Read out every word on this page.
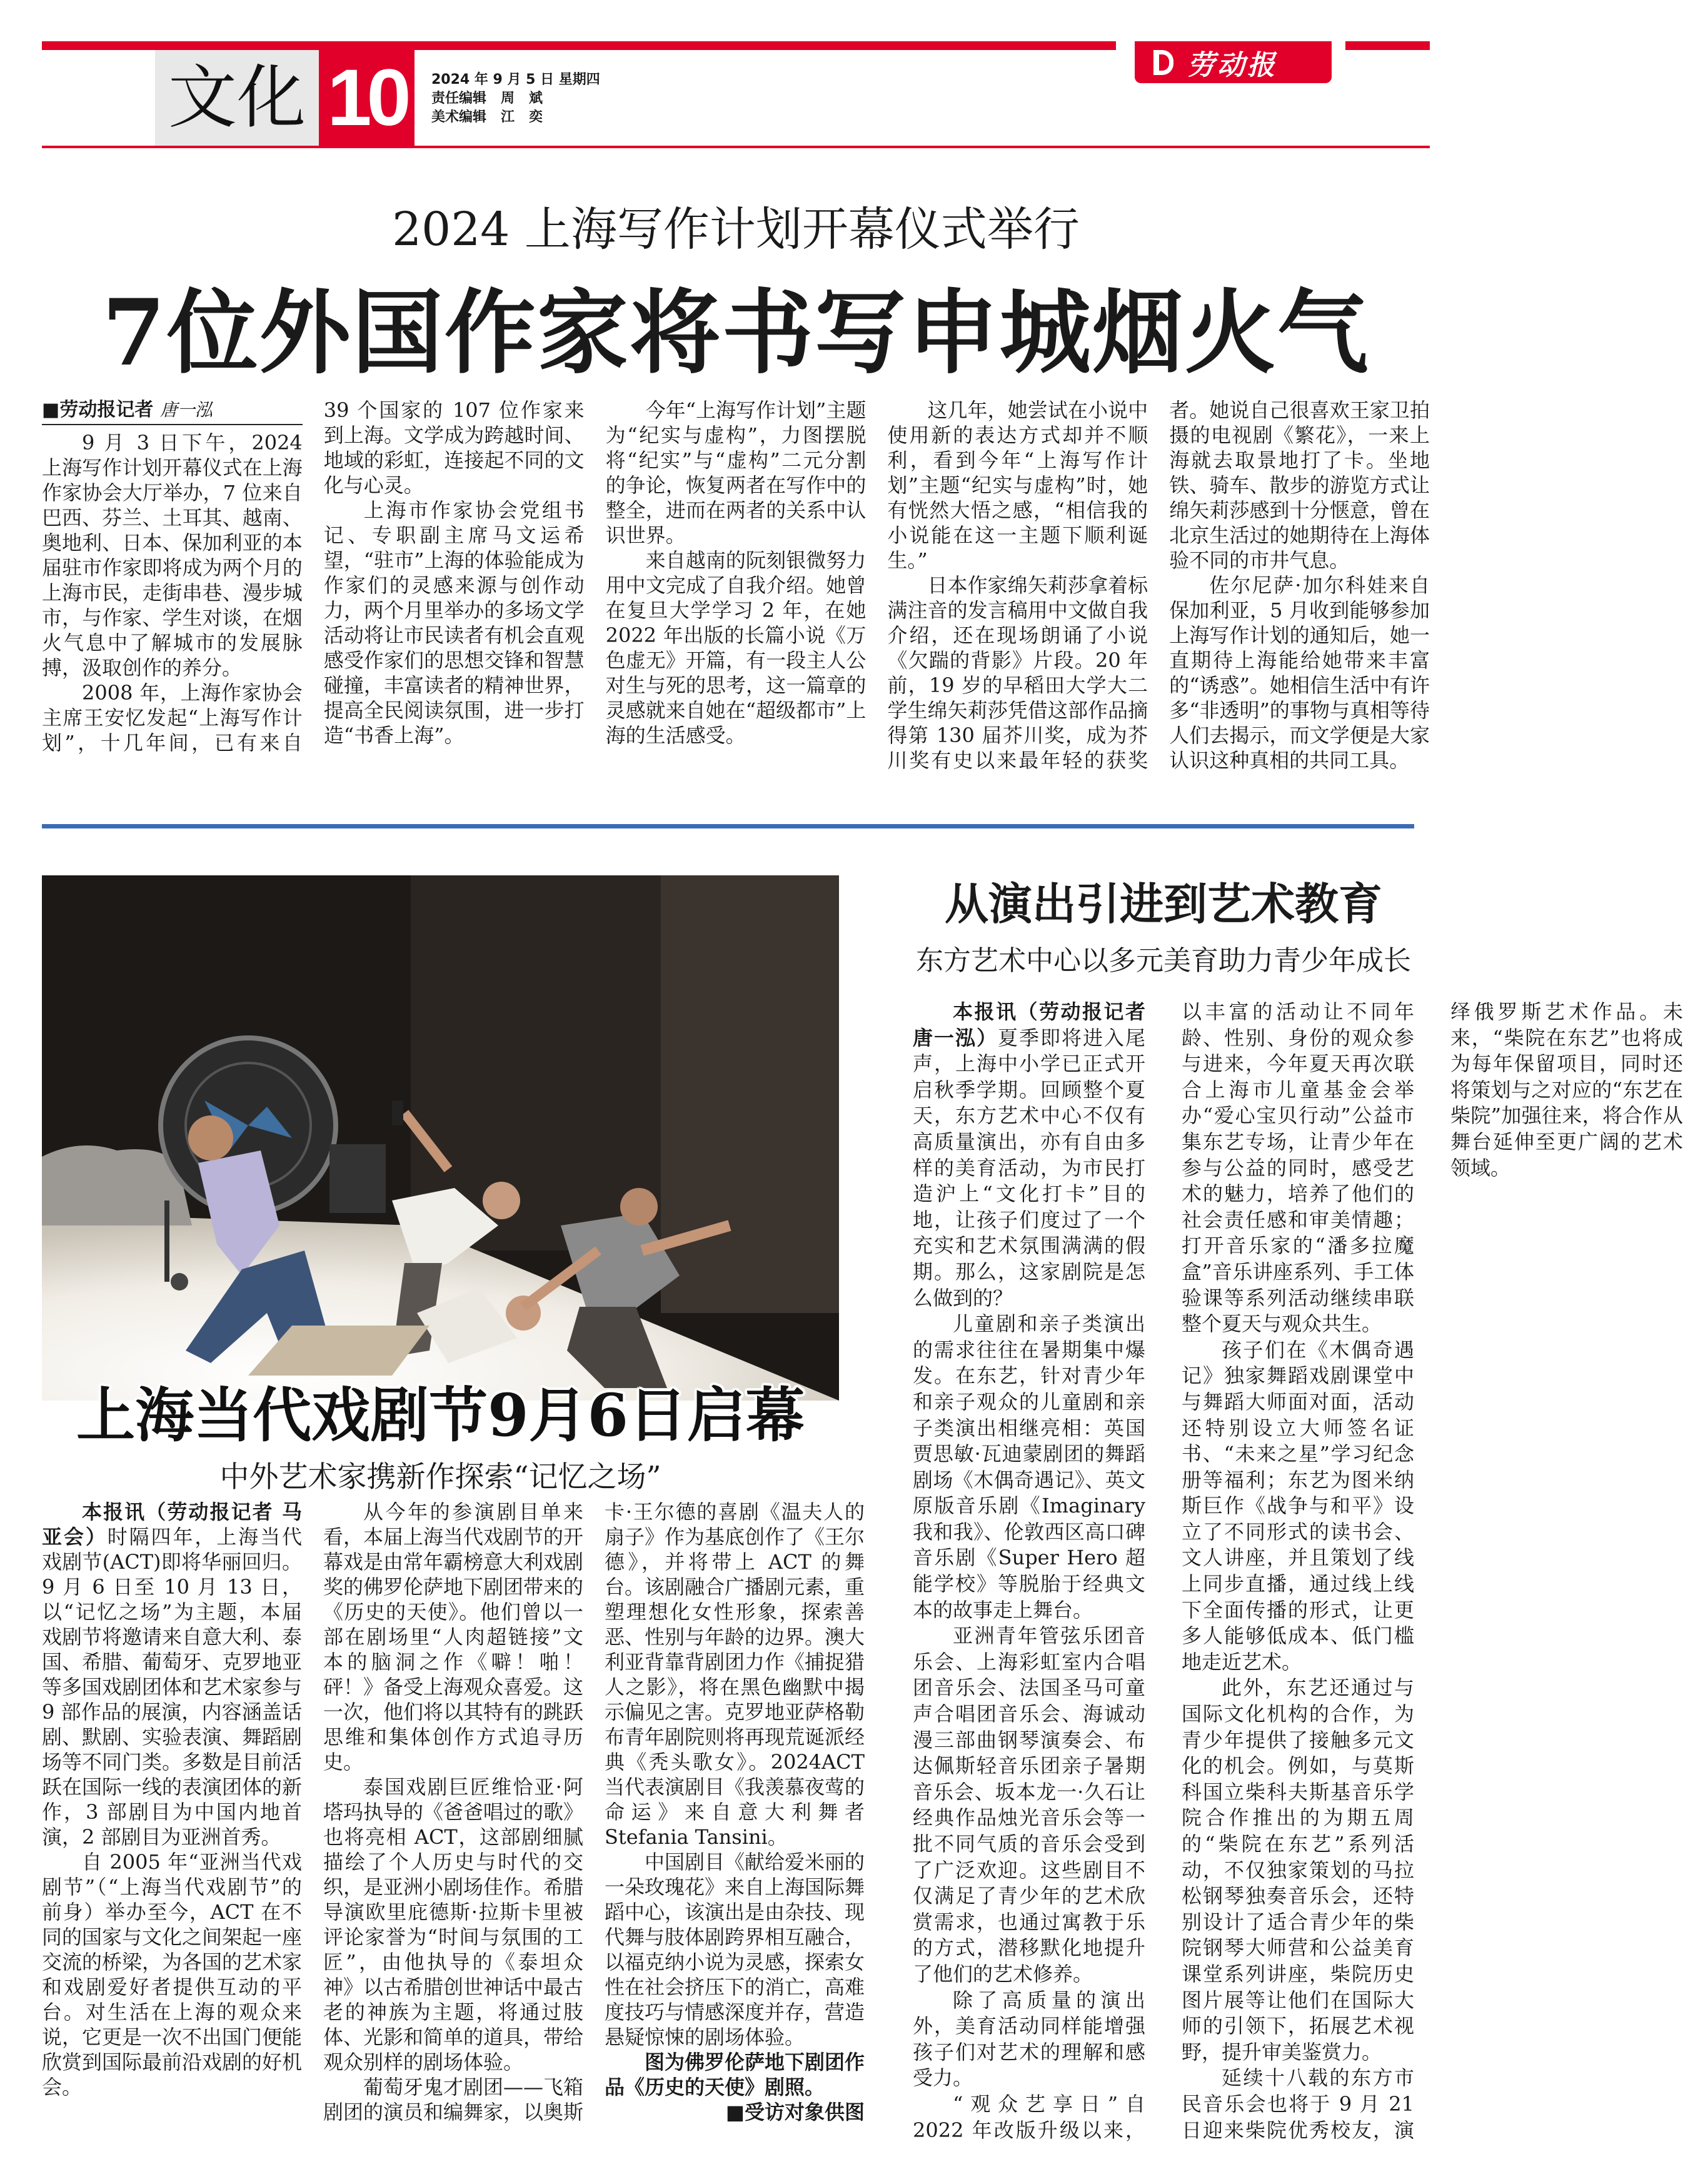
文化 10	2024 年 9 月 5 日 星期四
责任编辑   周   斌
美术编辑   江   奕
劳动报
2024 上海写作计划开幕仪式举行
7位外国作家将书写申城烟火气
■劳动报记者 唐一泓

9 月 3 日下午，2024 上海写作计划开幕仪式在上海作家协会大厅举办，7 位来自巴西、芬兰、土耳其、越南、奥地利、日本、保加利亚的本届驻市作家即将成为两个月的上海市民，走街串巷、漫步城市，与作家、学生对谈，在烟火气息中了解城市的发展脉搏，汲取创作的养分。

2008 年，上海作家协会主席王安忆发起“上海写作计划”，十几年间，已有来自 39 个国家的 107 位作家来到上海。文学成为跨越时间、地域的彩虹，连接起不同的文化与心灵。

上海市作家协会党组书记、专职副主席马文运希望，“驻市”上海的体验能成为作家们的灵感来源与创作动力，两个月里举办的多场文学活动将让市民读者有机会直观感受作家们的思想交锋和智慧碰撞，丰富读者的精神世界，提高全民阅读氛围，进一步打造“书香上海”。

今年“上海写作计划”主题为“纪实与虚构”，力图摆脱将“纪实”与“虚构”二元分割的争论，恢复两者在写作中的整全，进而在两者的关系中认识世界。

来自越南的阮刻银微努力用中文完成了自我介绍。她曾在复旦大学学习 2 年，在她 2022 年出版的长篇小说《万色虚无》开篇，有一段主人公对生与死的思考，这一篇章的灵感就来自她在“超级都市”上海的生活感受。

这几年，她尝试在小说中使用新的表达方式却并不顺利，看到今年“上海写作计划”主题“纪实与虚构”时，她有恍然大悟之感，“相信我的小说能在这一主题下顺利诞生。”

日本作家绵矢莉莎拿着标满注音的发言稿用中文做自我介绍，还在现场朗诵了小说《欠踹的背影》片段。20 年前，19 岁的早稻田大学大二学生绵矢莉莎凭借这部作品摘得第 130 届芥川奖，成为芥川奖有史以来最年轻的获奖者。她说自己很喜欢王家卫拍摄的电视剧《繁花》，一来上海就去取景地打了卡。坐地铁、骑车、散步的游览方式让绵矢莉莎感到十分惬意，曾在北京生活过的她期待在上海体验不同的市井气息。

佐尔尼萨·加尔科娃来自保加利亚，5 月收到能够参加上海写作计划的通知后，她一直期待上海能给她带来丰富的“诱惑”。她相信生活中有许多“非透明”的事物与真相等待人们去揭示，而文学便是大家认识这种真相的共同工具。

上海当代戏剧节9月6日启幕
中外艺术家携新作探索“记忆之场”

本报讯（劳动报记者 马亚会）时隔四年，上海当代戏剧节(ACT)即将华丽回归。9 月 6 日至 10 月 13 日，以“记忆之场”为主题，本届戏剧节将邀请来自意大利、泰国、希腊、葡萄牙、克罗地亚等多国戏剧团体和艺术家参与 9 部作品的展演，内容涵盖话剧、默剧、实验表演、舞蹈剧场等不同门类。多数是目前活跃在国际一线的表演团体的新作，3 部剧目为中国内地首演，2 部剧目为亚洲首秀。

自 2005 年“亚洲当代戏剧节”（“上海当代戏剧节”的前身）举办至今，ACT 在不同的国家与文化之间架起一座交流的桥梁，为各国的艺术家和戏剧爱好者提供互动的平台。对生活在上海的观众来说，它更是一次不出国门便能欣赏到国际最前沿戏剧的好机会。

从今年的参演剧目单来看，本届上海当代戏剧节的开幕戏是由常年霸榜意大利戏剧奖的佛罗伦萨地下剧团带来的《历史的天使》。他们曾以一部在剧场里“人肉超链接”文本的脑洞之作《噼！啪！砰！》备受上海观众喜爱。这一次，他们将以其特有的跳跃思维和集体创作方式追寻历史。

泰国戏剧巨匠维恰亚·阿塔玛执导的《爸爸唱过的歌》也将亮相 ACT，这部剧细腻描绘了个人历史与时代的交织，是亚洲小剧场佳作。希腊导演欧里庇德斯·拉斯卡里被评论家誉为“时间与氛围的工匠”，由他执导的《泰坦众神》以古希腊创世神话中最古老的神族为主题，将通过肢体、光影和简单的道具，带给观众别样的剧场体验。

葡萄牙鬼才剧团——飞箱剧团的演员和编舞家，以奥斯卡·王尔德的喜剧《温夫人的扇子》作为基底创作了《王尔德》，并将带上 ACT 的舞台。该剧融合广播剧元素，重塑理想化女性形象，探索善恶、性别与年龄的边界。澳大利亚背靠背剧团力作《捕捉猎人之影》，将在黑色幽默中揭示偏见之害。克罗地亚萨格勒布青年剧院则将再现荒诞派经典《秃头歌女》。2024ACT 当代表演剧目《我羡慕夜莺的命运》来自意大利舞者 Stefania Tansini。

中国剧目《献给爱米丽的一朵玫瑰花》来自上海国际舞蹈中心，该演出是由杂技、现代舞与肢体剧跨界相互融合，以福克纳小说为灵感，探索女性在社会挤压下的消亡，高难度技巧与情感深度并存，营造悬疑惊悚的剧场体验。

图为佛罗伦萨地下剧团作品《历史的天使》剧照。

■受访对象供图

从演出引进到艺术教育
东方艺术中心以多元美育助力青少年成长

本报讯（劳动报记者 唐一泓）夏季即将进入尾声，上海中小学已正式开启秋季学期。回顾整个夏天，东方艺术中心不仅有高质量演出，亦有自由多样的美育活动，为市民打造沪上“文化打卡”目的地，让孩子们度过了一个充实和艺术氛围满满的假期。那么，这家剧院是怎么做到的？

儿童剧和亲子类演出的需求往往在暑期集中爆发。在东艺，针对青少年和亲子观众的儿童剧和亲子类演出相继亮相：英国贾思敏·瓦迪蒙剧团的舞蹈剧场《木偶奇遇记》、英文原版音乐剧《Imaginary 我和我》、伦敦西区高口碑音乐剧《Super Hero 超能学校》等脱胎于经典文本的故事走上舞台。

亚洲青年管弦乐团音乐会、上海彩虹室内合唱团音乐会、法国圣马可童声合唱团音乐会、海诚动漫三部曲钢琴演奏会、布达佩斯轻音乐团亲子暑期音乐会、坂本龙一·久石让经典作品烛光音乐会等一批不同气质的音乐会受到了广泛欢迎。这些剧目不仅满足了青少年的艺术欣赏需求，也通过寓教于乐的方式，潜移默化地提升了他们的艺术修养。

除了高质量的演出外，美育活动同样能增强孩子们对艺术的理解和感受力。

“观众艺享日”自 2022 年改版升级以来，以丰富的活动让不同年龄、性别、身份的观众参与进来，今年夏天再次联合上海市儿童基金会举办“爱心宝贝行动”公益市集东艺专场，让青少年在参与公益的同时，感受艺术的魅力，培养了他们的社会责任感和审美情趣；打开音乐家的“潘多拉魔盒”音乐讲座系列、手工体验课等系列活动继续串联整个夏天与观众共生。

孩子们在《木偶奇遇记》独家舞蹈戏剧课堂中与舞蹈大师面对面，活动还特别设立大师签名证书、“未来之星”学习纪念册等福利；东艺为图米纳斯巨作《战争与和平》设立了不同形式的读书会、文人讲座，并且策划了线上同步直播，通过线上线下全面传播的形式，让更多人能够低成本、低门槛地走近艺术。

此外，东艺还通过与国际文化机构的合作，为青少年提供了接触多元文化的机会。例如，与莫斯科国立柴科夫斯基音乐学院合作推出的为期五周的“柴院在东艺”系列活动，不仅独家策划的马拉松钢琴独奏音乐会，还特别设计了适合青少年的柴院钢琴大师营和公益美育课堂系列讲座，柴院历史图片展等让他们在国际大师的引领下，拓展艺术视野，提升审美鉴赏力。

延续十八载的东方市民音乐会也将于 9 月 21 日迎来柴院优秀校友，演绎俄罗斯艺术作品。未来，“柴院在东艺”也将成为每年保留项目，同时还将策划与之对应的“东艺在柴院”加强往来，将合作从舞台延伸至更广阔的艺术领域。
